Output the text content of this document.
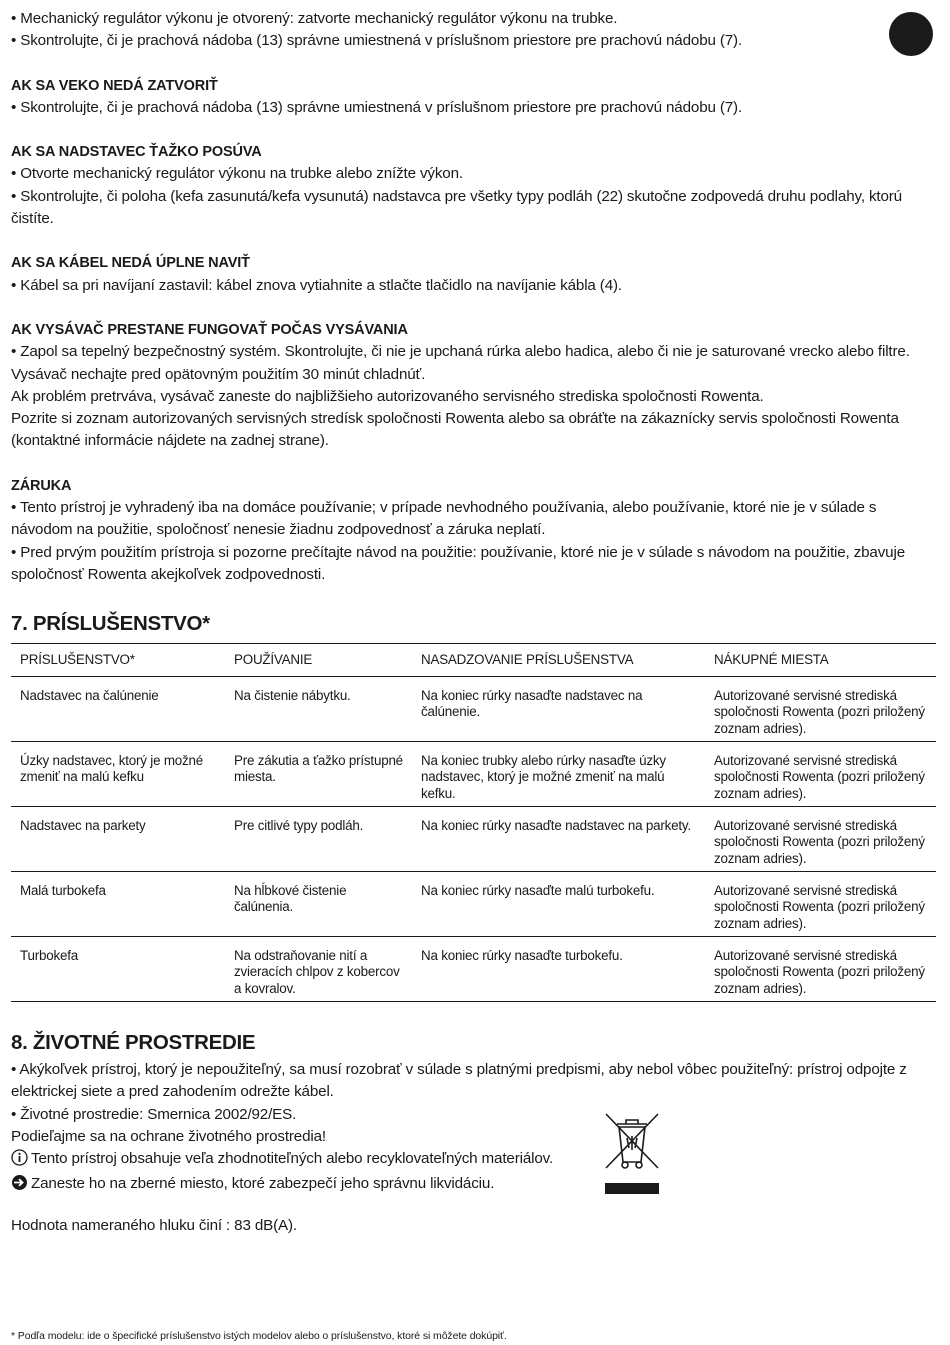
• Mechanický regulátor výkonu je otvorený: zatvorte mechanický regulátor výkonu na trubke.

• Skontrolujte, či je prachová nádoba (13) správne umiestnená v príslušnom priestore pre prachovú nádobu (7).

AK SA VEKO NEDÁ ZATVORIŤ

• Skontrolujte, či je prachová nádoba (13) správne umiestnená v príslušnom priestore pre prachovú nádobu (7).

AK SA NADSTAVEC ŤAŽKO POSÚVA

• Otvorte mechanický regulátor výkonu na trubke alebo znížte výkon.

• Skontrolujte, či poloha (kefa zasunutá/kefa vysunutá) nadstavca pre všetky typy podláh (22) skutočne zodpovedá druhu podlahy, ktorú čistíte.

AK SA KÁBEL NEDÁ ÚPLNE NAVIŤ

• Kábel sa pri navíjaní zastavil: kábel znova vytiahnite a stlačte tlačidlo na navíjanie kábla (4).

AK VYSÁVAČ PRESTANE FUNGOVAŤ POČAS VYSÁVANIA

• Zapol sa tepelný bezpečnostný systém. Skontrolujte, či nie je upchaná rúrka alebo hadica, alebo či nie je saturované vrecko alebo filtre. Vysávač nechajte pred opätovným použitím 30 minút chladnúť.

Ak problém pretrváva, vysávač zaneste do najbližšieho autorizovaného servisného strediska spoločnosti Rowenta.

Pozrite si zoznam autorizovaných servisných stredísk spoločnosti Rowenta alebo sa obráťte na zákaznícky servis spoločnosti Rowenta (kontaktné informácie nájdete na zadnej strane).

ZÁRUKA

• Tento prístroj je vyhradený iba na domáce používanie; v prípade nevhodného používania, alebo používanie, ktoré nie je v súlade s návodom na použitie, spoločnosť nenesie žiadnu zodpovednosť a záruka neplatí.

• Pred prvým použitím prístroja si pozorne prečítajte návod na použitie: používanie, ktoré nie je v súlade s návodom na použitie, zbavuje spoločnosť Rowenta akejkoľvek zodpovednosti.

7. PRÍSLUŠENSTVO*
PRÍSLUŠENSTVO*	POUŽÍVANIE	NASADZOVANIE PRÍSLUŠENSTVA	NÁKUPNÉ MIESTA
Nadstavec na čalúnenie	Na čistenie nábytku.	Na koniec rúrky nasaďte nadstavec na čalúnenie.	Autorizované servisné strediská spoločnosti Rowenta (pozri priložený zoznam adries).
Úzky nadstavec, ktorý je možné zmeniť na malú kefku	Pre zákutia a ťažko prístupné miesta.	Na koniec trubky alebo rúrky nasaďte úzky nadstavec, ktorý je možné zmeniť na malú kefku.	Autorizované servisné strediská spoločnosti Rowenta (pozri priložený zoznam adries).
Nadstavec na parkety	Pre citlivé typy podláh.	Na koniec rúrky nasaďte nadstavec na parkety.	Autorizované servisné strediská spoločnosti Rowenta (pozri priložený zoznam adries).
Malá turbokefa	Na hĺbkové čistenie čalúnenia.	Na koniec rúrky nasaďte malú turbokefu.	Autorizované servisné strediská spoločnosti Rowenta (pozri priložený zoznam adries).
Turbokefa	Na odstraňovanie nití a zvieracích chlpov z kobercov a kovralov.	Na koniec rúrky nasaďte turbokefu.	Autorizované servisné strediská spoločnosti Rowenta (pozri priložený zoznam adries).
8. ŽIVOTNÉ PROSTREDIE

• Akýkoľvek prístroj, ktorý je nepoužiteľný, sa musí rozobrať v súlade s platnými predpismi, aby nebol vôbec použiteľný: prístroj odpojte z elektrickej siete a pred zahodením odrežte kábel.

• Životné prostredie: Smernica 2002/92/ES.

Podieľajme sa na ochrane životného prostredia!

Tento prístroj obsahuje veľa zhodnotiteľných alebo recyklovateľných materiálov.

Zaneste ho na zberné miesto, ktoré zabezpečí jeho správnu likvidáciu.

Hodnota nameraného hluku činí : 83 dB(A).

* Podľa modelu: ide o špecifické príslušenstvo istých modelov alebo o príslušenstvo, ktoré si môžete dokúpiť.
